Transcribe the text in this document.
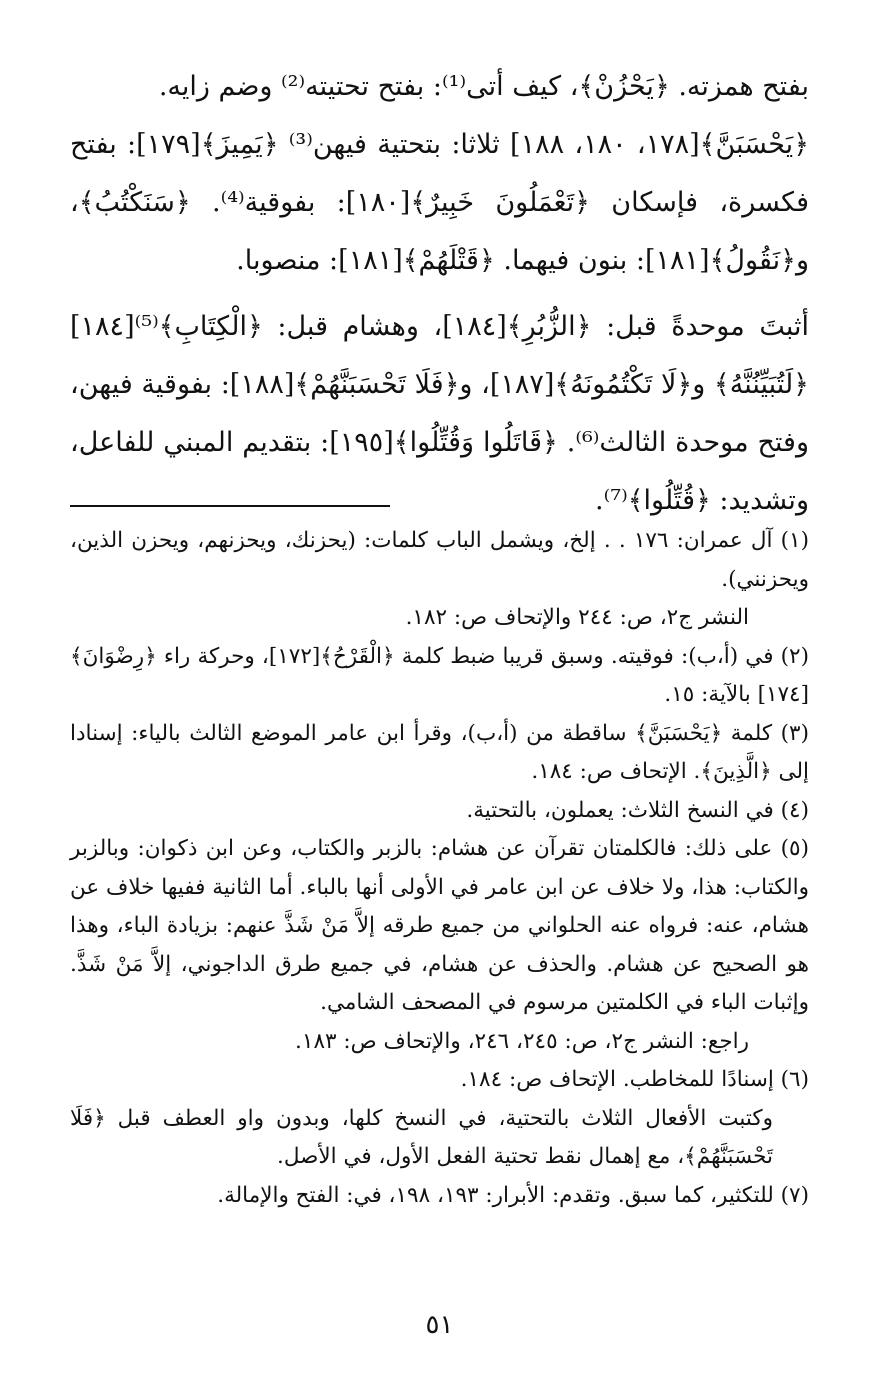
بفتح همزته. ﴿يَحْزُنْ﴾، كيف أتى⁽¹⁾: بفتح تحتيته⁽²⁾ وضم زايه.

﴿يَحْسَبَنَّ﴾[١٧٨، ١٨٠، ١٨٨] ثلاثا: بتحتية فيهن⁽³⁾ ﴿يَمِيزَ﴾[١٧٩]: بفتح فكسرة، فإسكان ﴿تَعْمَلُونَ خَبِيرٌ﴾[١٨٠]: بفوقية⁽⁴⁾. ﴿سَنَكْتُبُ﴾، و﴿نَقُولُ﴾[١٨١]: بنون فيهما. ﴿قَتْلَهُمْ﴾[١٨١]: منصوبا.

أثبتَ موحدةً قبل: ﴿الزُّبُرِ﴾[١٨٤]، وهشام قبل: ﴿الْكِتَابِ﴾⁽⁵⁾[١٨٤] ﴿لَتُبَيِّنُنَّهُ﴾ و﴿لَا تَكْتُمُونَهُ﴾[١٨٧]، و﴿فَلَا تَحْسَبَنَّهُمْ﴾[١٨٨]: بفوقية فيهن، وفتح موحدة الثالث⁽⁶⁾. ﴿قَاتَلُوا وَقُتِّلُوا﴾[١٩٥]: بتقديم المبني للفاعل، وتشديد: ﴿قُتِّلُوا﴾⁽⁷⁾.

(١) آل عمران: ١٧٦ . . إلخ، ويشمل الباب كلمات: (يحزنك، ويحزنهم، ويحزن الذين، ويحزنني).

النشر ج٢، ص: ٢٤٤ والإتحاف ص: ١٨٢.

(٢) في (أ،ب): فوقيته. وسبق قريبا ضبط كلمة ﴿الْقَرْحُ﴾[١٧٢]، وحركة راء ﴿رِضْوَانَ﴾[١٧٤] بالآية: ١٥.

(٣) كلمة ﴿يَحْسَبَنَّ﴾ ساقطة من (أ،ب)، وقرأ ابن عامر الموضع الثالث بالياء: إسنادا إلى ﴿الَّذِينَ﴾. الإتحاف ص: ١٨٤.

(٤) في النسخ الثلاث: يعملون، بالتحتية.

(٥) على ذلك: فالكلمتان تقرآن عن هشام: بالزبر والكتاب، وعن ابن ذكوان: وبالزبر والكتاب: هذا، ولا خلاف عن ابن عامر في الأولى أنها بالباء. أما الثانية ففيها خلاف عن هشام، عنه: فرواه عنه الحلواني من جميع طرقه إلاَّ مَنْ شَذَّ عنهم: بزيادة الباء، وهذا هو الصحيح عن هشام. والحذف عن هشام، في جميع طرق الداجوني، إلاَّ مَنْ شَذَّ. وإثبات الباء في الكلمتين مرسوم في المصحف الشامي.

راجع: النشر ج٢، ص: ٢٤٥، ٢٤٦، والإتحاف ص: ١٨٣.

(٦) إسنادًا للمخاطب. الإتحاف ص: ١٨٤.

وكتبت الأفعال الثلاث بالتحتية، في النسخ كلها، وبدون واو العطف قبل ﴿فَلَا تَحْسَبَنَّهُمْ﴾، مع إهمال نقط تحتية الفعل الأول، في الأصل.

(٧) للتكثير، كما سبق. وتقدم: الأبرار: ١٩٣، ١٩٨، في: الفتح والإمالة.

٥١
